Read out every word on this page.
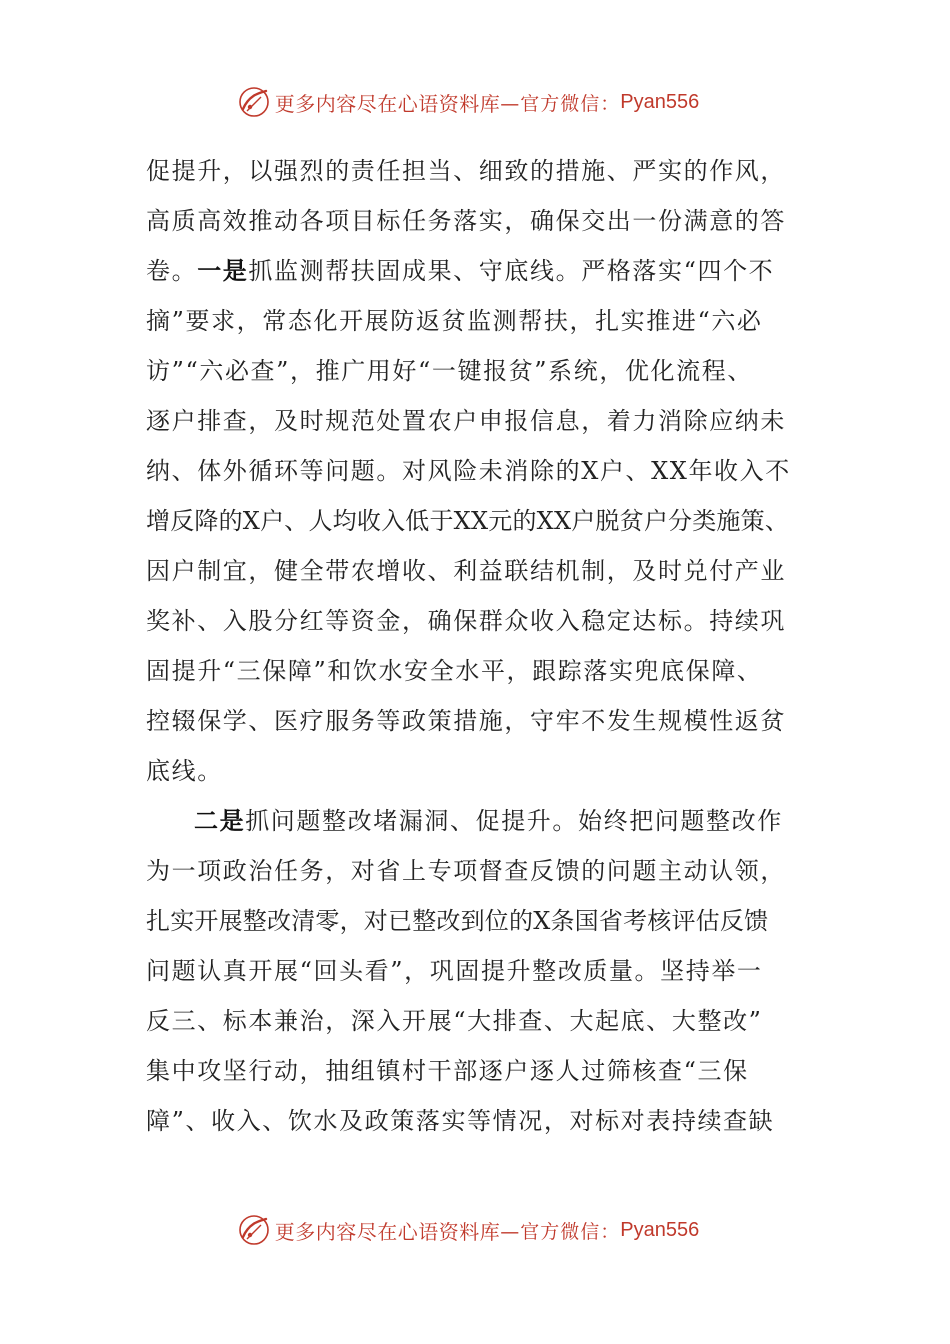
更多内容尽在心语资料库 —官方微信： Pyan556
促提升，以强烈的责任担当、细致的措施、严实的作风，
高质高效推动各项目标任务落实，确保交出一份满意的答
卷。一是抓监测帮扶固成果、守底线。严格落实“四个不
摘”要求，常态化开展防返贫监测帮扶，扎实推进“六必
访”“六必查”，推广用好“一键报贫”系统，优化流程、
逐户排查，及时规范处置农户申报信息，着力消除应纳未
纳、体外循环等问题。对风险未消除的X户、XX年收入不
增反降的X户、人均收入低于XX元的XX户脱贫户分类施策、
因户制宜，健全带农增收、利益联结机制，及时兑付产业
奖补、入股分红等资金，确保群众收入稳定达标。持续巩
固提升“三保障”和饮水安全水平，跟踪落实兜底保障、
控辍保学、医疗服务等政策措施，守牢不发生规模性返贫
底线。
二是抓问题整改堵漏洞、促提升。始终把问题整改作
为一项政治任务，对省上专项督查反馈的问题主动认领，
扎实开展整改清零，对已整改到位的X条国省考核评估反馈
问题认真开展“回头看”，巩固提升整改质量。坚持举一
反三、标本兼治，深入开展“大排查、大起底、大整改”
集中攻坚行动，抽组镇村干部逐户逐人过筛核查“三保
障”、收入、饮水及政策落实等情况，对标对表持续查缺
更多内容尽在心语资料库 —官方微信： Pyan556
